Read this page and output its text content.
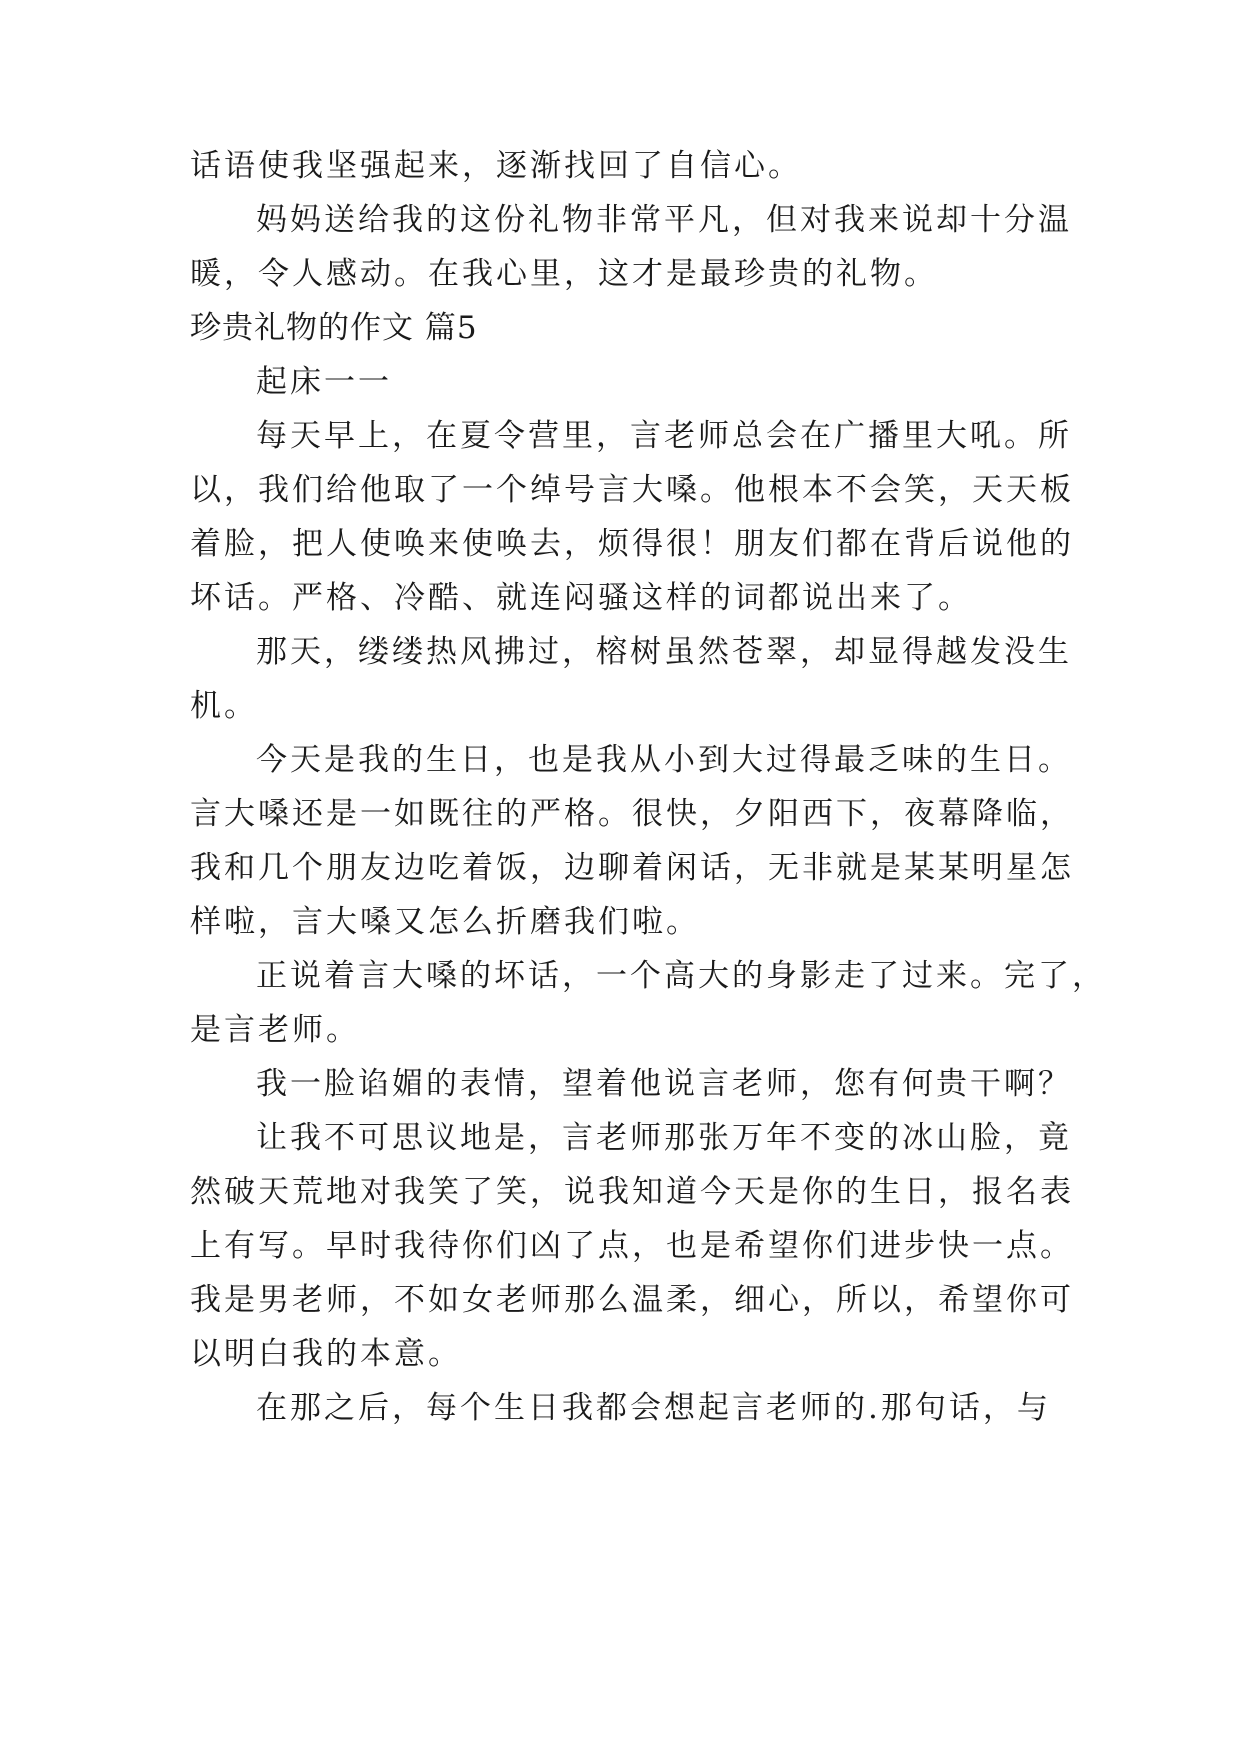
话语使我坚强起来，逐渐找回了自信心。
妈妈送给我的这份礼物非常平凡，但对我来说却十分温
暖，令人感动。在我心里，这才是最珍贵的礼物。
珍贵礼物的作文 篇5
起床一一
每天早上，在夏令营里，言老师总会在广播里大吼。所
以，我们给他取了一个绰号言大嗓。他根本不会笑，天天板
着脸，把人使唤来使唤去，烦得很！朋友们都在背后说他的
坏话。严格、冷酷、就连闷骚这样的词都说出来了。
那天，缕缕热风拂过，榕树虽然苍翠，却显得越发没生
机。
今天是我的生日，也是我从小到大过得最乏味的生日。
言大嗓还是一如既往的严格。很快，夕阳西下，夜幕降临，
我和几个朋友边吃着饭，边聊着闲话，无非就是某某明星怎
样啦，言大嗓又怎么折磨我们啦。
正说着言大嗓的坏话，一个高大的身影走了过来。完了，
是言老师。
我一脸谄媚的表情，望着他说言老师，您有何贵干啊？
让我不可思议地是，言老师那张万年不变的冰山脸，竟
然破天荒地对我笑了笑，说我知道今天是你的生日，报名表
上有写。早时我待你们凶了点，也是希望你们进步快一点。
我是男老师，不如女老师那么温柔，细心，所以，希望你可
以明白我的本意。
在那之后，每个生日我都会想起言老师的.那句话，与
